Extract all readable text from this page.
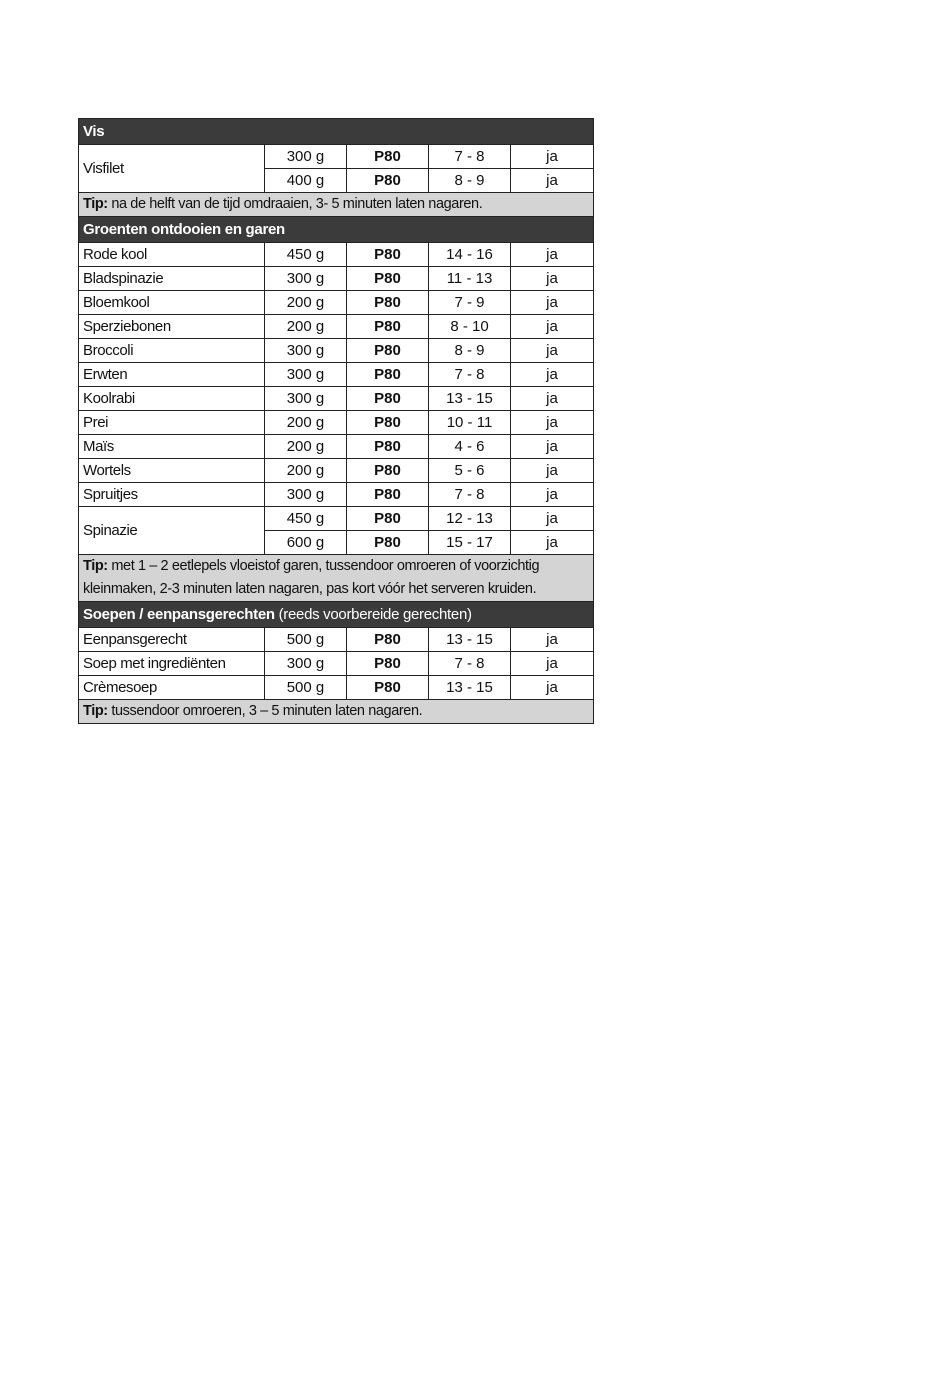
Vis				
Visfilet	300 g	P80	7 - 8	ja
	400 g	P80	8 - 9	ja
Tip: na de helft van de tijd omdraaien, 3- 5 minuten laten nagaren.				
Groenten ontdooien en garen				
Rode kool	450 g	P80	14 - 16	ja
Bladspinazie	300 g	P80	11 - 13	ja
Bloemkool	200 g	P80	7 - 9	ja
Sperziebonen	200 g	P80	8 - 10	ja
Broccoli	300 g	P80	8 - 9	ja
Erwten	300 g	P80	7 - 8	ja
Koolrabi	300 g	P80	13 - 15	ja
Prei	200 g	P80	10 - 11	ja
Maïs	200 g	P80	4 - 6	ja
Wortels	200 g	P80	5 - 6	ja
Spruitjes	300 g	P80	7 - 8	ja
Spinazie	450 g	P80	12 - 13	ja
	600 g	P80	15 - 17	ja
Tip: met 1 – 2 eetlepels vloeistof garen, tussendoor omroeren of voorzichtig kleinmaken, 2-3 minuten laten nagaren, pas kort vóór het serveren kruiden.				
Soepen / eenpansgerechten (reeds voorbereide gerechten)				
Eenpansgerecht	500 g	P80	13 - 15	ja
Soep met ingrediënten	300 g	P80	7 - 8	ja
Crèmesoep	500 g	P80	13 - 15	ja
Tip: tussendoor omroeren, 3 – 5 minuten laten nagaren.				
